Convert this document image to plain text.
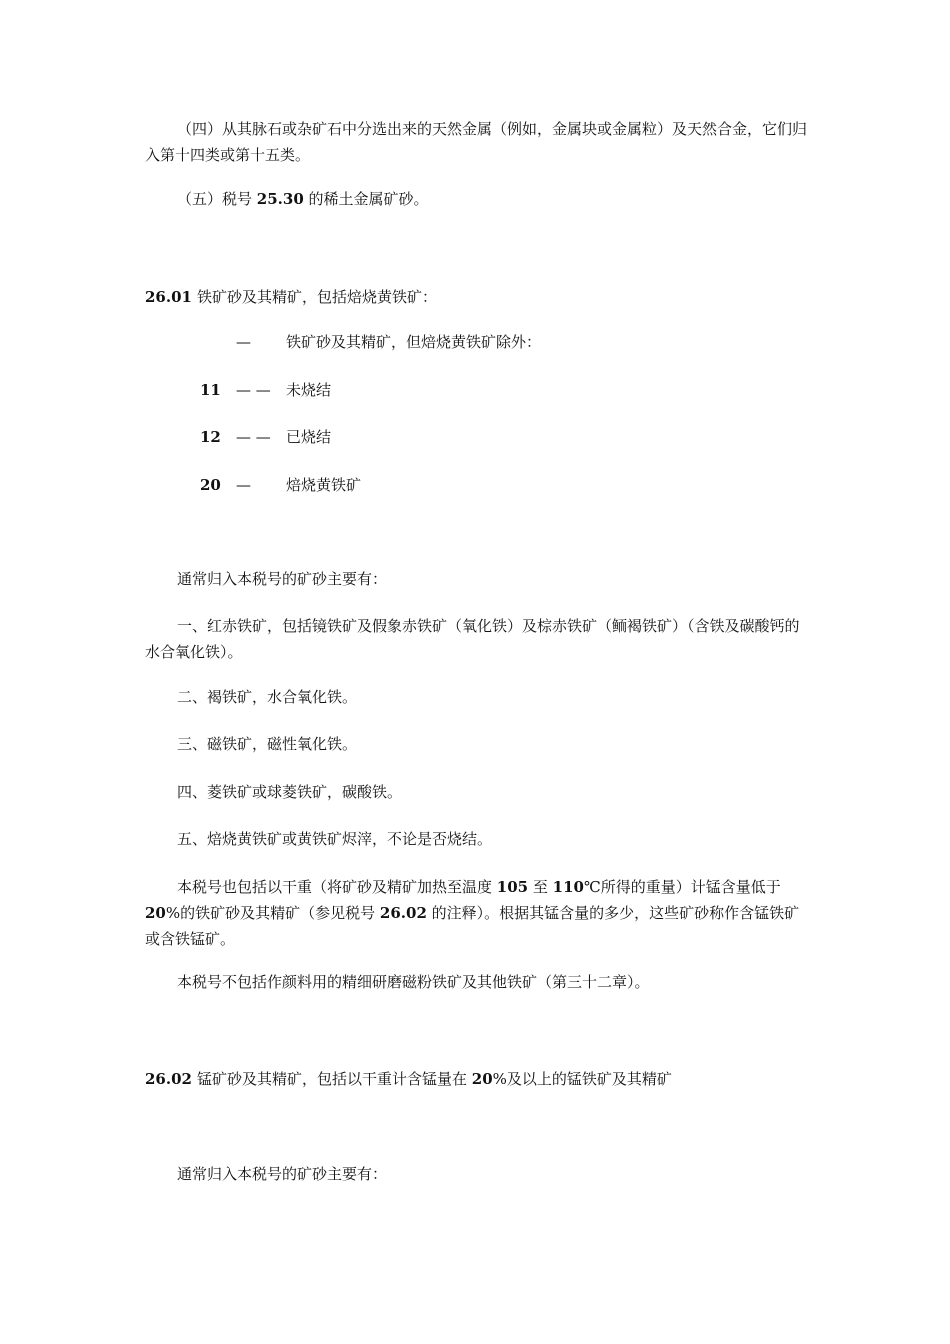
（四）从其脉石或杂矿石中分选出来的天然金属（例如，金属块或金属粒）及天然合金，它们归入第十四类或第十五类。

（五）税号 25.30 的稀土金属矿砂。

26.01 铁矿砂及其精矿，包括焙烧黄铁矿：
— 铁矿砂及其精矿，但焙烧黄铁矿除外：
11 — — 未烧结
12 — — 已烧结
20 — 焙烧黄铁矿

通常归入本税号的矿砂主要有：

一、红赤铁矿，包括镜铁矿及假象赤铁矿（氧化铁）及棕赤铁矿（鲕褐铁矿）（含铁及碳酸钙的水合氧化铁）。

二、褐铁矿，水合氧化铁。

三、磁铁矿，磁性氧化铁。

四、菱铁矿或球菱铁矿，碳酸铁。

五、焙烧黄铁矿或黄铁矿烬滓，不论是否烧结。

本税号也包括以干重（将矿砂及精矿加热至温度 105 至 110℃所得的重量）计锰含量低于 20%的铁矿砂及其精矿（参见税号 26.02 的注释）。根据其锰含量的多少，这些矿砂称作含锰铁矿或含铁锰矿。

本税号不包括作颜料用的精细研磨磁粉铁矿及其他铁矿（第三十二章）。

26.02 锰矿砂及其精矿，包括以干重计含锰量在 20%及以上的锰铁矿及其精矿

通常归入本税号的矿砂主要有：
